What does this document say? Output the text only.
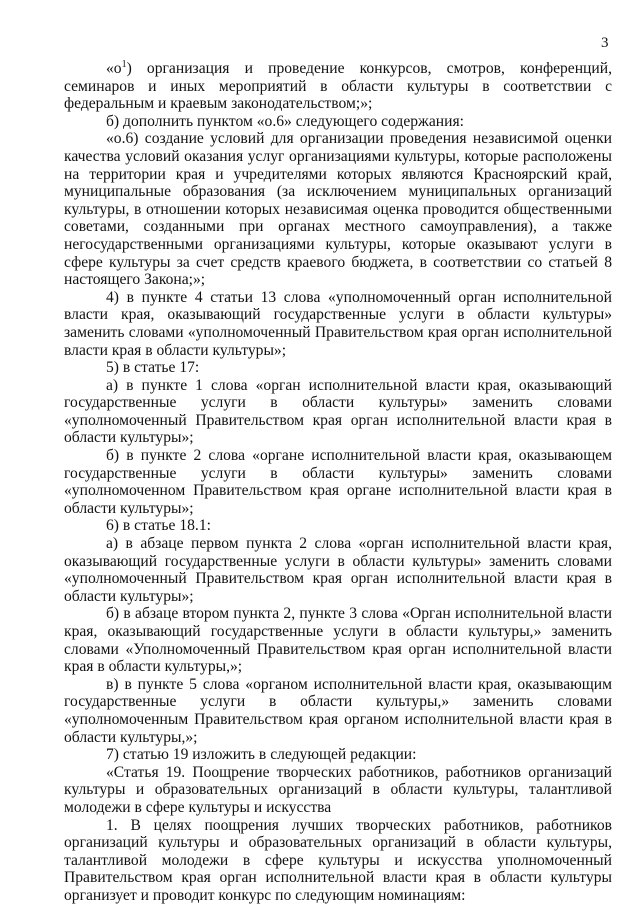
3

«$о^1$) организация и проведение конкурсов, смотров, конференций, семинаров и иных мероприятий в области культуры в соответствии с федеральным и краевым законодательством;»;

б) дополнить пунктом «о.6» следующего содержания:

«о.6) создание условий для организации проведения независимой оценки качества условий оказания услуг организациями культуры, которые расположены на территории края и учредителями которых являются Красноярский край, муниципальные образования (за исключением муниципальных организаций культуры, в отношении которых независимая оценка проводится общественными советами, созданными при органах местного самоуправления), а также негосударственными организациями культуры, которые оказывают услуги в сфере культуры за счет средств краевого бюджета, в соответствии со статьей 8 настоящего Закона;»;

4) в пункте 4 статьи 13 слова «уполномоченный орган исполнительной власти края, оказывающий государственные услуги в области культуры» заменить словами «уполномоченный Правительством края орган исполнительной власти края в области культуры»;

5) в статье 17:

а) в пункте 1 слова «орган исполнительной власти края, оказывающий государственные услуги в области культуры» заменить словами «уполномоченный Правительством края орган исполнительной власти края в области культуры»;

б) в пункте 2 слова «органе исполнительной власти края, оказывающем государственные услуги в области культуры» заменить словами «уполномоченном Правительством края органе исполнительной власти края в области культуры»;

6) в статье 18.1:

а) в абзаце первом пункта 2 слова «орган исполнительной власти края, оказывающий государственные услуги в области культуры» заменить словами «уполномоченный Правительством края орган исполнительной власти края в области культуры»;

б) в абзаце втором пункта 2, пункте 3 слова «Орган исполнительной власти края, оказывающий государственные услуги в области культуры,» заменить словами «Уполномоченный Правительством края орган исполнительной власти края в области культуры,»;

в) в пункте 5 слова «органом исполнительной власти края, оказывающим государственные услуги в области культуры,» заменить словами «уполномоченным Правительством края органом исполнительной власти края в области культуры,»;

7) статью 19 изложить в следующей редакции:

«Статья 19. Поощрение творческих работников, работников организаций культуры и образовательных организаций в области культуры, талантливой молодежи в сфере культуры и искусства

1. В целях поощрения лучших творческих работников, работников организаций культуры и образовательных организаций в области культуры, талантливой молодежи в сфере культуры и искусства уполномоченный Правительством края орган исполнительной власти края в области культуры организует и проводит конкурс по следующим номинациям:
